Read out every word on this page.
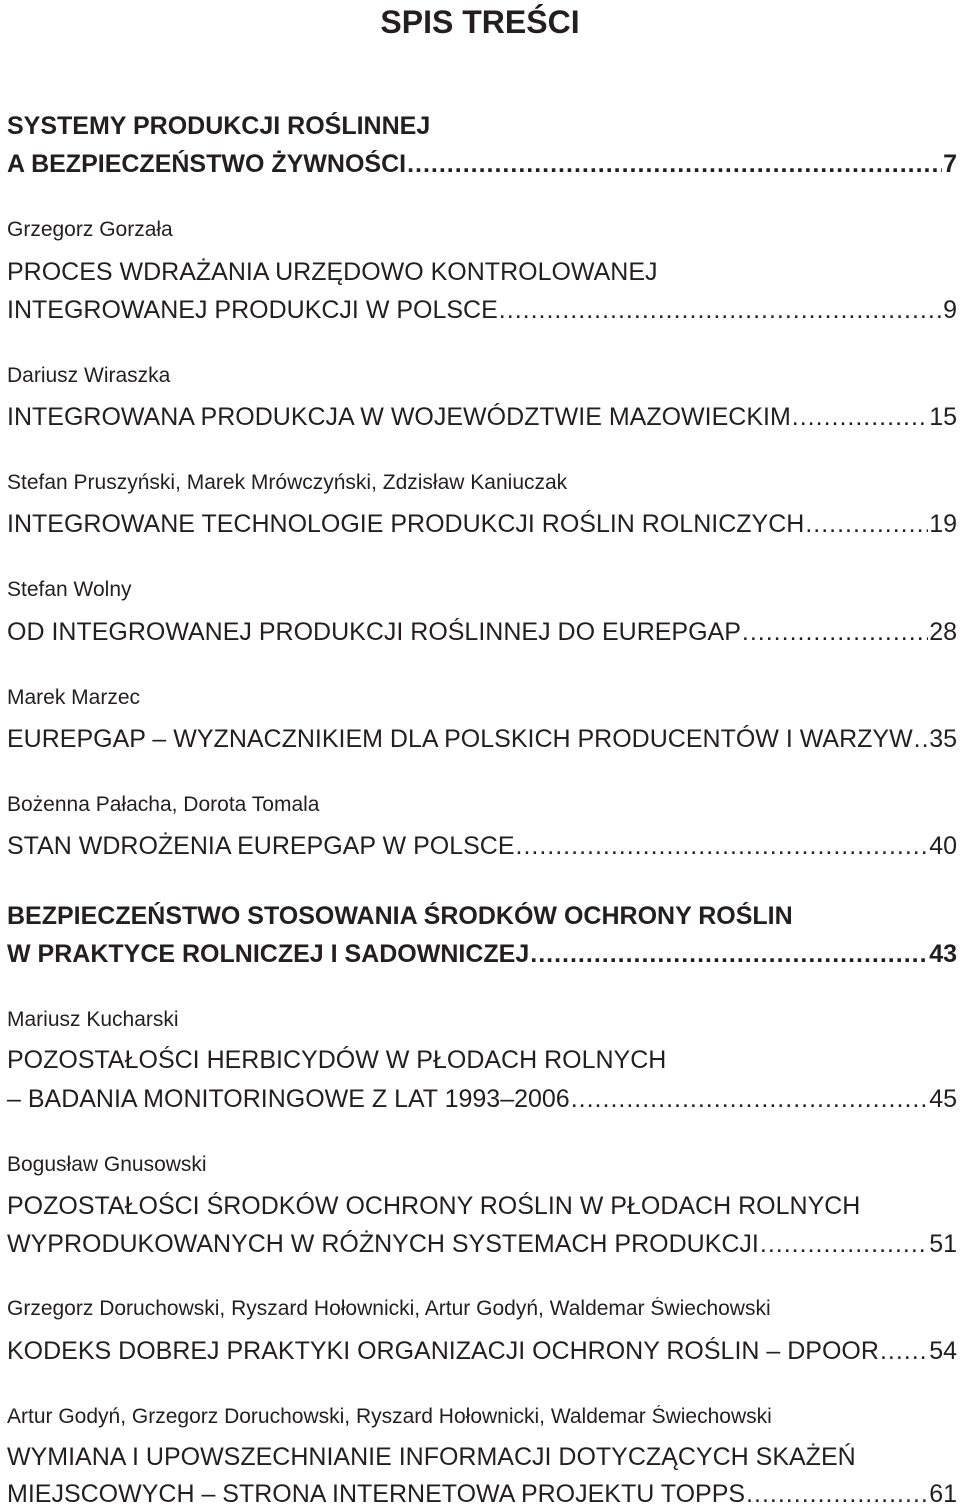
SPIS TREŚCI
SYSTEMY PRODUKCJI ROŚLINNEJ
A BEZPIECZEŃSTWO ŻYWNOŚCI .....	7
Grzegorz Gorzała
PROCES WDRAŻANIA URZĘDOWO KONTROLOWANEJ
INTEGROWANEJ PRODUKCJI W POLSCE .....	9
Dariusz Wiraszka
INTEGROWANA PRODUKCJA W WOJEWÓDZTWIE MAZOWIECKIM .....	15
Stefan Pruszyński, Marek Mrówczyński, Zdzisław Kaniuczak
INTEGROWANE TECHNOLOGIE PRODUKCJI ROŚLIN ROLNICZYCH .....	19
Stefan Wolny
OD INTEGROWANEJ PRODUKCJI ROŚLINNEJ DO EUREPGAP .....	28
Marek Marzec
EUREPGAP – WYZNACZNIKIEM DLA POLSKICH PRODUCENTÓW I WARZYW ..... 35
Bożenna Pałacha, Dorota Tomala
STAN WDROŻENIA EUREPGAP W POLSCE .....	40
BEZPIECZEŃSTWO STOSOWANIA ŚRODKÓW OCHRONY ROŚLIN
W PRAKTYCE ROLNICZEJ I SADOWNICZEJ .....	43
Mariusz Kucharski
POZOSTAŁOŚCI HERBICYDÓW W PŁODACH ROLNYCH
– BADANIA MONITORINGOWE Z LAT 1993–2006 .....	45
Bogusław Gnusowski
POZOSTAŁOŚCI ŚRODKÓW OCHRONY ROŚLIN W PŁODACH ROLNYCH
WYPRODUKOWANYCH W RÓŻNYCH SYSTEMACH PRODUKCJI .....	51
Grzegorz Doruchowski, Ryszard Hołownicki, Artur Godyń, Waldemar Świechowski
KODEKS DOBREJ PRAKTYKI ORGANIZACJI OCHRONY ROŚLIN – DPOOR ..... 54
Artur Godyń, Grzegorz Doruchowski, Ryszard Hołownicki, Waldemar Świechowski
WYMIANA I UPOWSZECHNIANIE INFORMACJI DOTYCZĄCYCH SKAŻEŃ
MIEJSCOWYCH – STRONA INTERNETOWA PROJEKTU TOPPS .....	61
